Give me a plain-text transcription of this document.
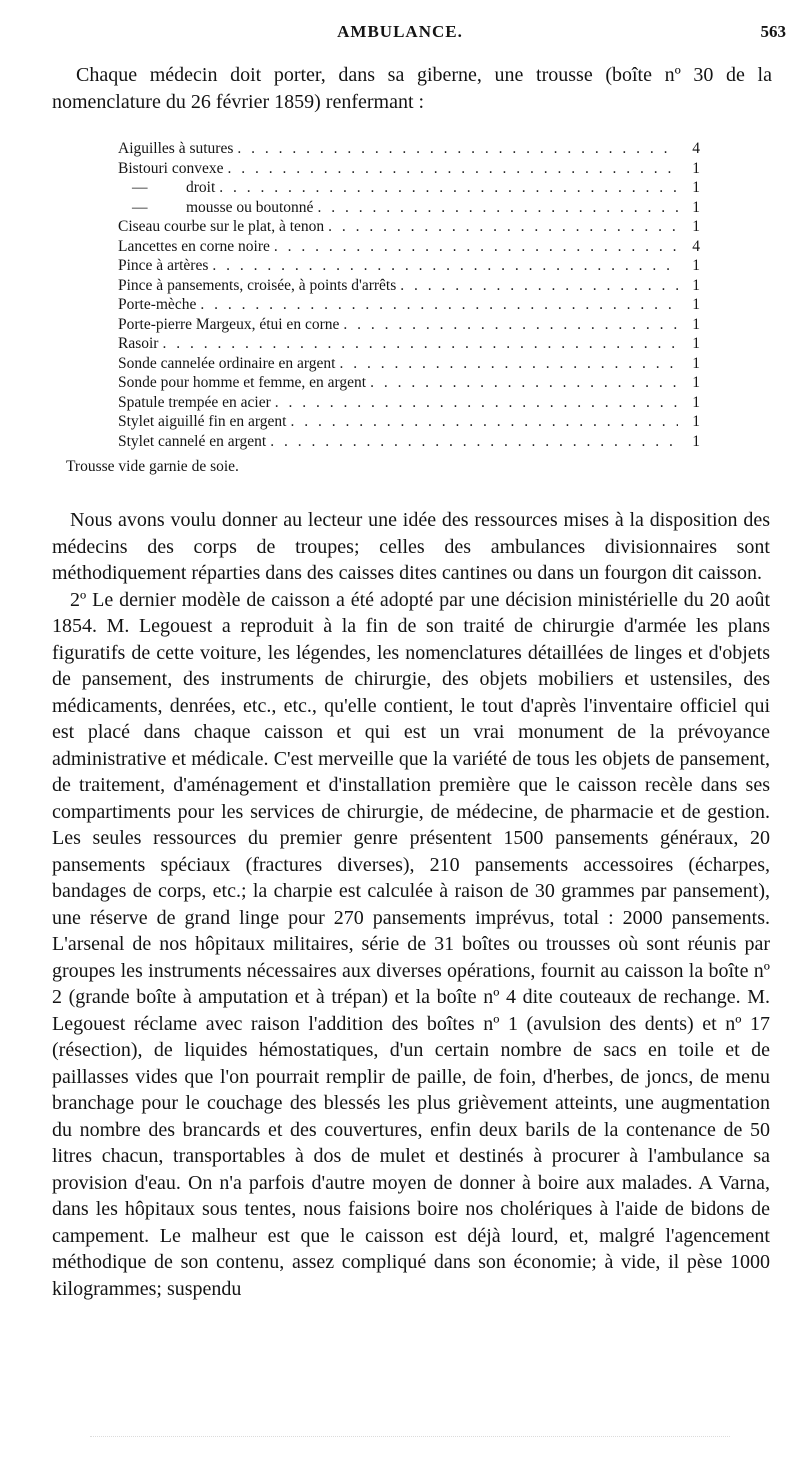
AMBULANCE.	563

Chaque médecin doit porter, dans sa giberne, une trousse (boîte nº 30 de la nomenclature du 26 février 1859) renfermant :

Aiguilles à sutures . . .	4
Bistouri convexe . . .	1
— droit . . .	1
— mousse ou boutonné . . .	1
Ciseau courbe sur le plat, à tenon . . .	1
Lancettes en corne noire . . .	4
Pince à artères . . .	1
Pince à pansements, croisée, à points d'arrêts . . .	1
Porte-mèche . . .	1
Porte-pierre Margeux, étui en corne . . .	1
Rasoir . . .	1
Sonde cannelée ordinaire en argent . . .	1
Sonde pour homme et femme, en argent . . .	1
Spatule trempée en acier . . .	1
Stylet aiguillé fin en argent . . .	1
Stylet cannelé en argent . . .	1

Trousse vide garnie de soie.

Nous avons voulu donner au lecteur une idée des ressources mises à la disposition des médecins des corps de troupes; celles des ambulances divisionnaires sont méthodiquement réparties dans des caisses dites cantines ou dans un fourgon dit caisson.

2º Le dernier modèle de caisson a été adopté par une décision ministérielle du 20 août 1854. M. Legouest a reproduit à la fin de son traité de chirurgie d'armée les plans figuratifs de cette voiture, les légendes, les nomenclatures détaillées de linges et d'objets de pansement, des instruments de chirurgie, des objets mobiliers et ustensiles, des médicaments, denrées, etc., etc., qu'elle contient, le tout d'après l'inventaire officiel qui est placé dans chaque caisson et qui est un vrai monument de la prévoyance administrative et médicale. C'est merveille que la variété de tous les objets de pansement, de traitement, d'aménagement et d'installation première que le caisson recèle dans ses compartiments pour les services de chirurgie, de médecine, de pharmacie et de gestion. Les seules ressources du premier genre présentent 1500 pansements généraux, 20 pansements spéciaux (fractures diverses), 210 pansements accessoires (écharpes, bandages de corps, etc.; la charpie est calculée à raison de 30 grammes par pansement), une réserve de grand linge pour 270 pansements imprévus, total : 2000 pansements. L'arsenal de nos hôpitaux militaires, série de 31 boîtes ou trousses où sont réunis par groupes les instruments nécessaires aux diverses opérations, fournit au caisson la boîte nº 2 (grande boîte à amputation et à trépan) et la boîte nº 4 dite couteaux de rechange. M. Legouest réclame avec raison l'addition des boîtes nº 1 (avulsion des dents) et nº 17 (résection), de liquides hémostatiques, d'un certain nombre de sacs en toile et de paillasses vides que l'on pourrait remplir de paille, de foin, d'herbes, de joncs, de menu branchage pour le couchage des blessés les plus grièvement atteints, une augmentation du nombre des brancards et des couvertures, enfin deux barils de la contenance de 50 litres chacun, transportables à dos de mulet et destinés à procurer à l'ambulance sa provision d'eau. On n'a parfois d'autre moyen de donner à boire aux malades. A Varna, dans les hôpitaux sous tentes, nous faisions boire nos cholériques à l'aide de bidons de campement. Le malheur est que le caisson est déjà lourd, et, malgré l'agencement méthodique de son contenu, assez compliqué dans son économie; à vide, il pèse 1000 kilogrammes; suspendu
